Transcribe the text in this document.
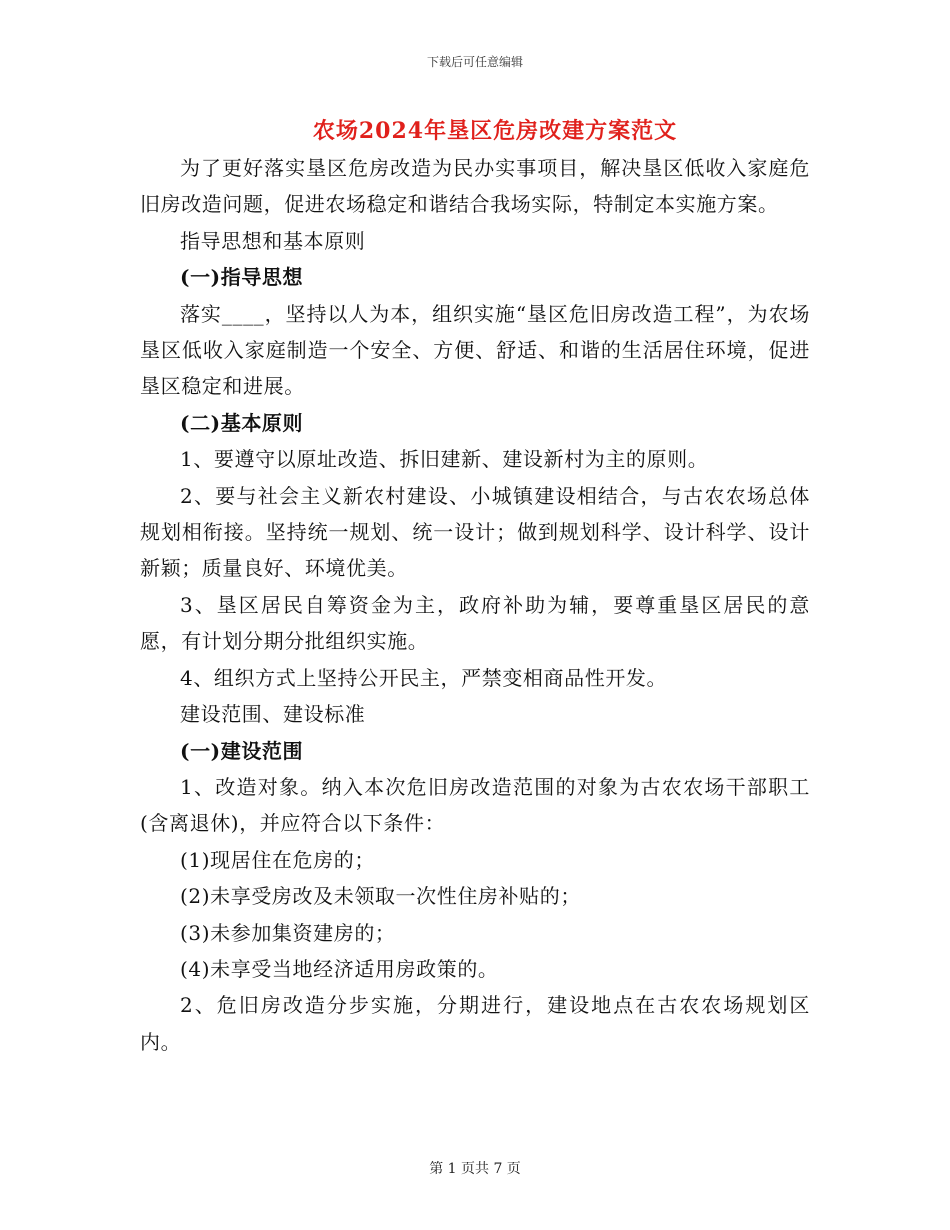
下载后可任意编辑
农场2024年垦区危房改建方案范文

为了更好落实垦区危房改造为民办实事项目，解决垦区低收入家庭危旧房改造问题，促进农场稳定和谐结合我场实际，特制定本实施方案。

指导思想和基本原则

(一)指导思想

落实____，坚持以人为本，组织实施“垦区危旧房改造工程”，为农场垦区低收入家庭制造一个安全、方便、舒适、和谐的生活居住环境，促进垦区稳定和进展。

(二)基本原则

1、要遵守以原址改造、拆旧建新、建设新村为主的原则。

2、要与社会主义新农村建设、小城镇建设相结合，与古农农场总体规划相衔接。坚持统一规划、统一设计；做到规划科学、设计科学、设计新颖；质量良好、环境优美。

3、垦区居民自筹资金为主，政府补助为辅，要尊重垦区居民的意愿，有计划分期分批组织实施。

4、组织方式上坚持公开民主，严禁变相商品性开发。

建设范围、建设标准

(一)建设范围

1、改造对象。纳入本次危旧房改造范围的对象为古农农场干部职工(含离退休)，并应符合以下条件：

(1)现居住在危房的；

(2)未享受房改及未领取一次性住房补贴的；

(3)未参加集资建房的；

(4)未享受当地经济适用房政策的。

2、危旧房改造分步实施，分期进行，建设地点在古农农场规划区内。

第 1 页共 7 页
